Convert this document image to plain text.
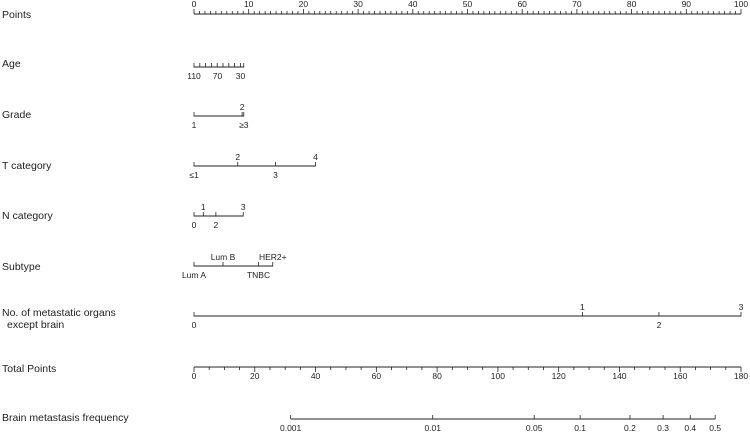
Points
0	10	20	30	40	50	60	70	80	90	100
Age
110 70 30
Grade
1
2
≥3
T category
≤1
2
3
4
N category
0
1
2
3
Subtype
Lum A
Lum B
TNBC
HER2+
No. of metastatic organs
except brain	0
1
2
3
Total Points
0	20	40	60	80	100	120	140	160	180
Brain metastasis frequency
0.001	0.01	0.05	0.1	0.2	0.3 0.4 0.5
